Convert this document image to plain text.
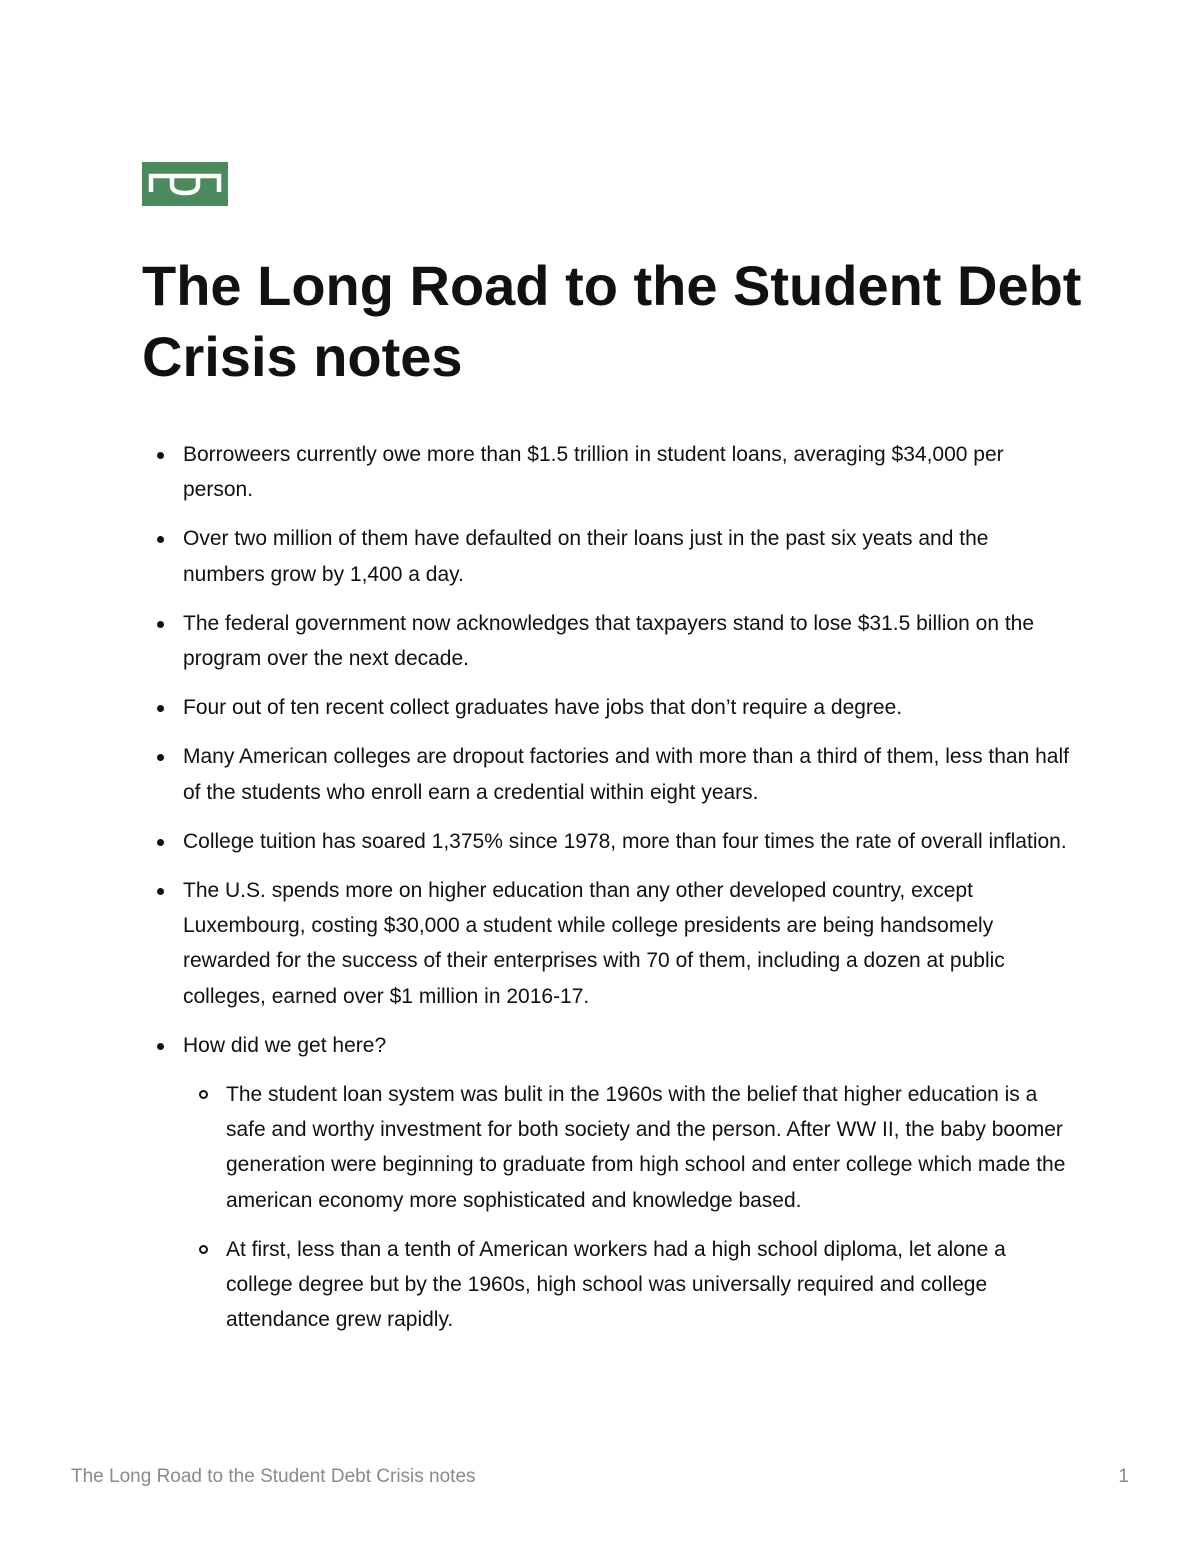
The Long Road to the Student Debt Crisis notes
Borroweers currently owe more than $1.5 trillion in student loans, averaging $34,000 per person.
Over two million of them have defaulted on their loans just in the past six yeats and the numbers grow by 1,400 a day.
The federal government now acknowledges that taxpayers stand to lose $31.5 billion on the program over the next decade.
Four out of ten recent collect graduates have jobs that don’t require a degree.
Many American colleges are dropout factories and with more than a third of them, less than half of the students who enroll earn a credential within eight years.
College tuition has soared 1,375% since 1978, more than four times the rate of overall inflation.
The U.S. spends more on higher education than any other developed country, except Luxembourg, costing $30,000 a student while college presidents are being handsomely rewarded for the success of their enterprises with 70 of them, including a dozen at public colleges, earned over $1 million in 2016-17.
How did we get here?
The student loan system was bulit in the 1960s with the belief that higher education is a safe and worthy investment for both society and the person. After WW II, the baby boomer generation were beginning to graduate from high school and enter college which made the american economy more sophisticated and knowledge based.
At first, less than a tenth of American workers had a high school diploma, let alone a college degree but by the 1960s, high school was universally required and college attendance grew rapidly.
The Long Road to the Student Debt Crisis notes	1
